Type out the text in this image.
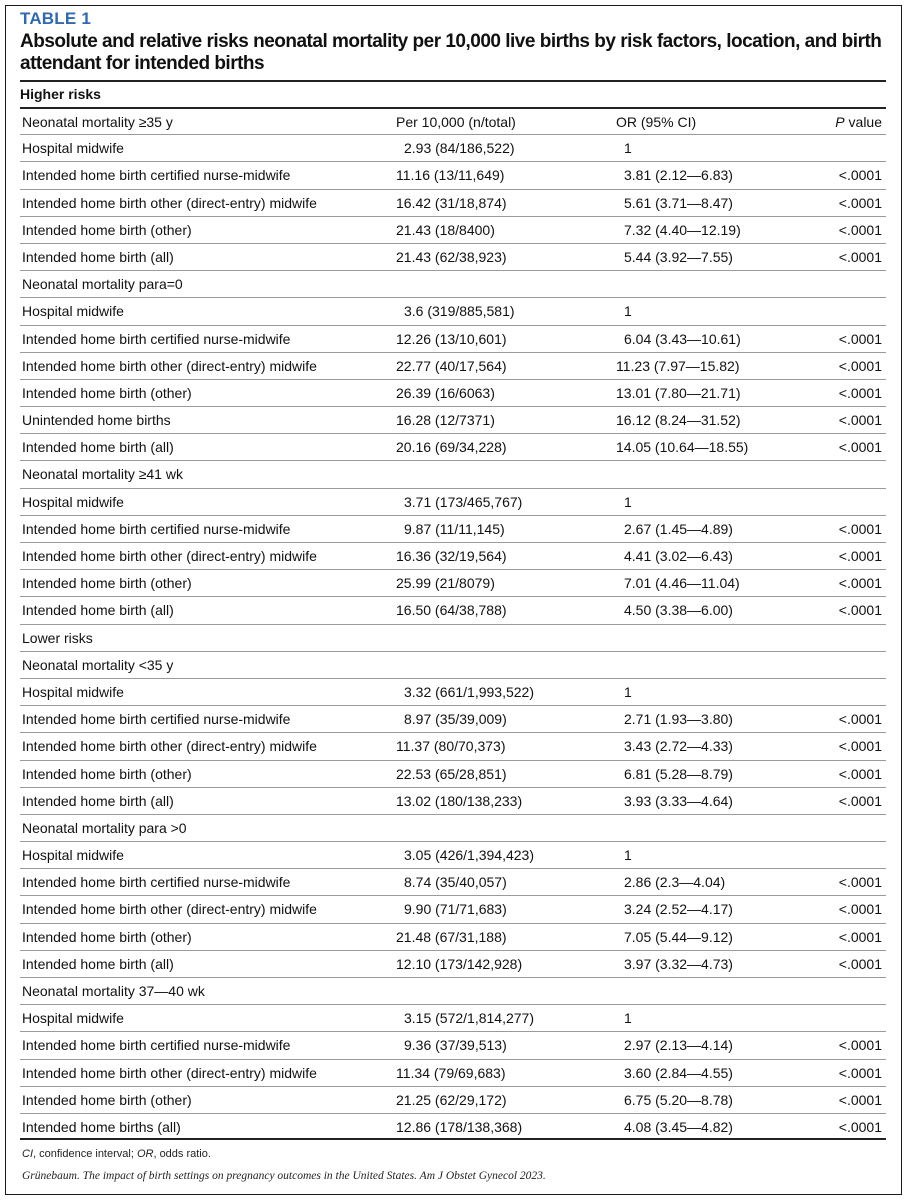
TABLE 1
Absolute and relative risks neonatal mortality per 10,000 live births by risk factors, location, and birth attendant for intended births
Higher risks
Neonatal mortality ≥35 y	Per 10,000 (n/total)	OR (95% CI)	P value
Hospital midwife	2.93 (84/186,522)	1
Intended home birth certified nurse-midwife	11.16 (13/11,649)	3.81 (2.12—6.83)	<.0001
Intended home birth other (direct-entry) midwife	16.42 (31/18,874)	5.61 (3.71—8.47)	<.0001
Intended home birth (other)	21.43 (18/8400)	7.32 (4.40—12.19)	<.0001
Intended home birth (all)	21.43 (62/38,923)	5.44 (3.92—7.55)	<.0001
Neonatal mortality para=0
Hospital midwife	3.6 (319/885,581)	1
Intended home birth certified nurse-midwife	12.26 (13/10,601)	6.04 (3.43—10.61)	<.0001
Intended home birth other (direct-entry) midwife	22.77 (40/17,564)	11.23 (7.97—15.82)	<.0001
Intended home birth (other)	26.39 (16/6063)	13.01 (7.80—21.71)	<.0001
Unintended home births	16.28 (12/7371)	16.12 (8.24—31.52)	<.0001
Intended home birth (all)	20.16 (69/34,228)	14.05 (10.64—18.55)	<.0001
Neonatal mortality ≥41 wk
Hospital midwife	3.71 (173/465,767)	1
Intended home birth certified nurse-midwife	9.87 (11/11,145)	2.67 (1.45—4.89)	<.0001
Intended home birth other (direct-entry) midwife	16.36 (32/19,564)	4.41 (3.02—6.43)	<.0001
Intended home birth (other)	25.99 (21/8079)	7.01 (4.46—11.04)	<.0001
Intended home birth (all)	16.50 (64/38,788)	4.50 (3.38—6.00)	<.0001
Lower risks
Neonatal mortality <35 y
Hospital midwife	3.32 (661/1,993,522)	1
Intended home birth certified nurse-midwife	8.97 (35/39,009)	2.71 (1.93—3.80)	<.0001
Intended home birth other (direct-entry) midwife	11.37 (80/70,373)	3.43 (2.72—4.33)	<.0001
Intended home birth (other)	22.53 (65/28,851)	6.81 (5.28—8.79)	<.0001
Intended home birth (all)	13.02 (180/138,233)	3.93 (3.33—4.64)	<.0001
Neonatal mortality para >0
Hospital midwife	3.05 (426/1,394,423)	1
Intended home birth certified nurse-midwife	8.74 (35/40,057)	2.86 (2.3—4.04)	<.0001
Intended home birth other (direct-entry) midwife	9.90 (71/71,683)	3.24 (2.52—4.17)	<.0001
Intended home birth (other)	21.48 (67/31,188)	7.05 (5.44—9.12)	<.0001
Intended home birth (all)	12.10 (173/142,928)	3.97 (3.32—4.73)	<.0001
Neonatal mortality 37—40 wk
Hospital midwife	3.15 (572/1,814,277)	1
Intended home birth certified nurse-midwife	9.36 (37/39,513)	2.97 (2.13—4.14)	<.0001
Intended home birth other (direct-entry) midwife	11.34 (79/69,683)	3.60 (2.84—4.55)	<.0001
Intended home birth (other)	21.25 (62/29,172)	6.75 (5.20—8.78)	<.0001
Intended home births (all)	12.86 (178/138,368)	4.08 (3.45—4.82)	<.0001
CI, confidence interval; OR, odds ratio.
Grünebaum. The impact of birth settings on pregnancy outcomes in the United States. Am J Obstet Gynecol 2023.
